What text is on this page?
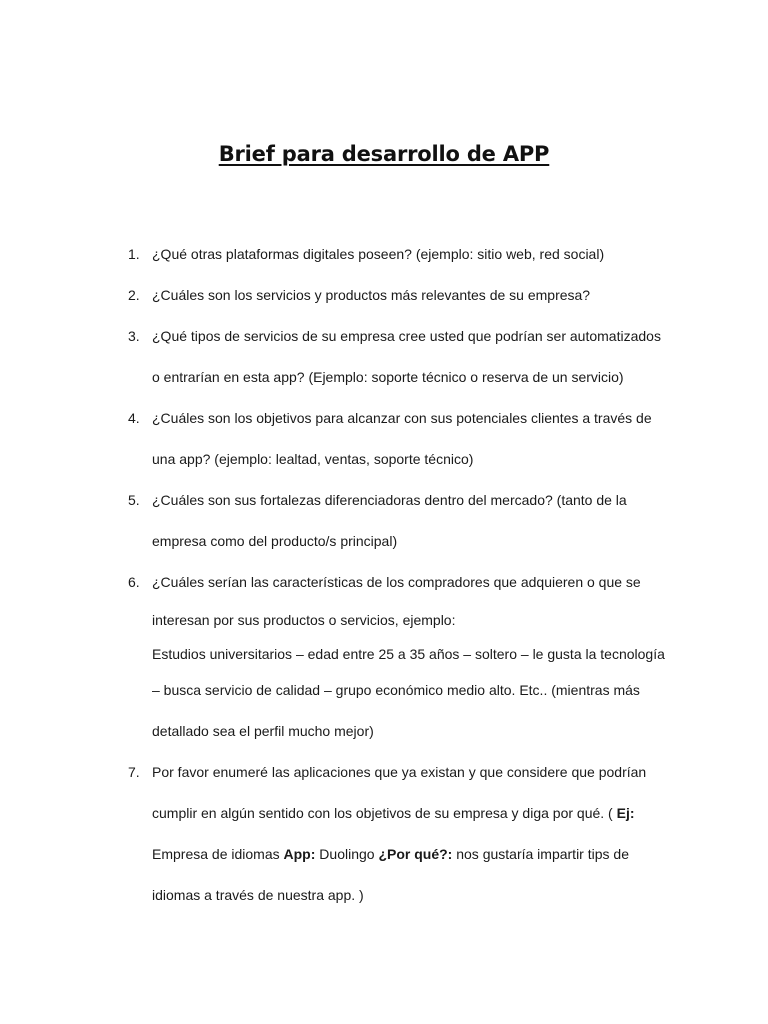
Brief para desarrollo de APP
1. ¿Qué otras plataformas digitales poseen? (ejemplo: sitio web, red social)
2. ¿Cuáles son los servicios y productos más relevantes de su empresa?
3. ¿Qué tipos de servicios de su empresa cree usted que podrían ser automatizados
o entrarían en esta app? (Ejemplo: soporte técnico o reserva de un servicio)
4. ¿Cuáles son los objetivos para alcanzar con sus potenciales clientes a través de
una app? (ejemplo: lealtad, ventas, soporte técnico)
5. ¿Cuáles son sus fortalezas diferenciadoras dentro del mercado? (tanto de la
empresa como del producto/s principal)
6. ¿Cuáles serían las características de los compradores que adquieren o que se
interesan por sus productos o servicios, ejemplo:
Estudios universitarios – edad entre 25 a 35 años – soltero – le gusta la tecnología
– busca servicio de calidad – grupo económico medio alto. Etc.. (mientras más
detallado sea el perfil mucho mejor)
7. Por favor enumeré las aplicaciones que ya existan y que considere que podrían
cumplir en algún sentido con los objetivos de su empresa y diga por qué. ( Ej:
Empresa de idiomas App: Duolingo ¿Por qué?: nos gustaría impartir tips de
idiomas a través de nuestra app. )
